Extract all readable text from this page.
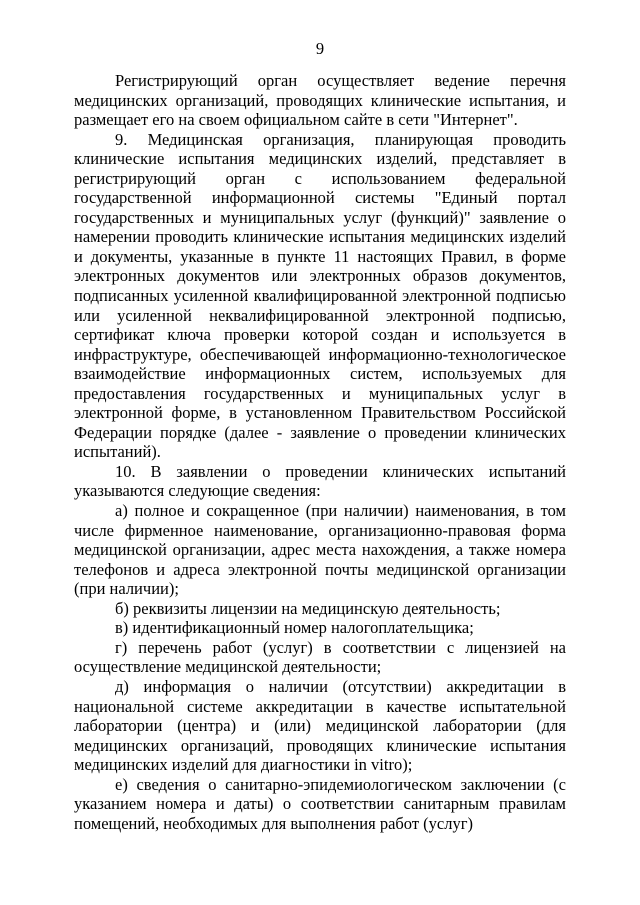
9

Регистрирующий орган осуществляет ведение перечня медицинских организаций, проводящих клинические испытания, и размещает его на своем официальном сайте в сети "Интернет".

9. Медицинская организация, планирующая проводить клинические испытания медицинских изделий, представляет в регистрирующий орган с использованием федеральной государственной информационной системы "Единый портал государственных и муниципальных услуг (функций)" заявление о намерении проводить клинические испытания медицинских изделий и документы, указанные в пункте 11 настоящих Правил, в форме электронных документов или электронных образов документов, подписанных усиленной квалифицированной электронной подписью или усиленной неквалифицированной электронной подписью, сертификат ключа проверки которой создан и используется в инфраструктуре, обеспечивающей информационно-технологическое взаимодействие информационных систем, используемых для предоставления государственных и муниципальных услуг в электронной форме, в установленном Правительством Российской Федерации порядке (далее - заявление о проведении клинических испытаний).

10. В заявлении о проведении клинических испытаний указываются следующие сведения:

а) полное и сокращенное (при наличии) наименования, в том числе фирменное наименование, организационно-правовая форма медицинской организации, адрес места нахождения, а также номера телефонов и адреса электронной почты медицинской организации (при наличии);

б) реквизиты лицензии на медицинскую деятельность;

в) идентификационный номер налогоплательщика;

г) перечень работ (услуг) в соответствии с лицензией на осуществление медицинской деятельности;

д) информация о наличии (отсутствии) аккредитации в национальной системе аккредитации в качестве испытательной лаборатории (центра) и (или) медицинской лаборатории (для медицинских организаций, проводящих клинические испытания медицинских изделий для диагностики in vitro);

е) сведения о санитарно-эпидемиологическом заключении (с указанием номера и даты) о соответствии санитарным правилам помещений, необходимых для выполнения работ (услуг)
